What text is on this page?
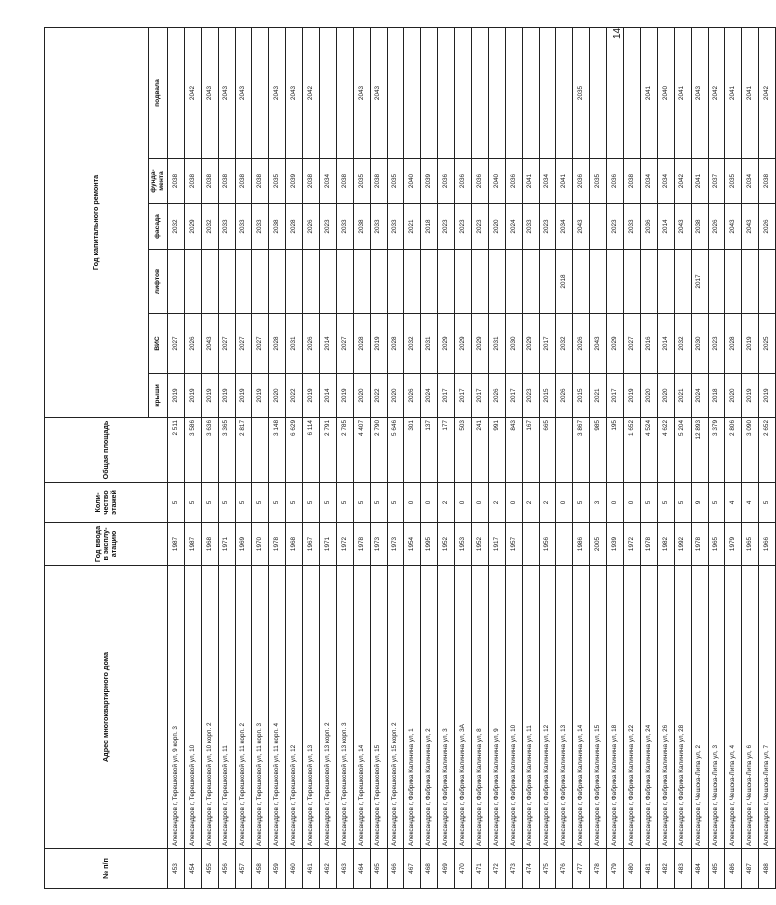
14
№ п/п	Адрес многоквартирного дома	Год ввода в эксплу-атацию	Коли-чество этажей	Общая площадь	Год капитального ремонта					
					крыши	ВИС	лифтов	фасада	фунда-мента	подвала
453	Александров г, Терешковой ул, 9 корп. 3	1987	5	2 511	2019	2027		2032	2038	
454	Александров г, Терешковой ул, 10	1987	5	3 586	2019	2026		2029	2038	2042
455	Александров г, Терешковой ул, 10 корп. 2	1968	5	3 636	2019	2043		2032	2038	2043
456	Александров г, Терешковой ул, 11	1971	5	3 365	2019	2027		2033	2038	2043
457	Александров г, Терешковой ул, 11 корп. 2	1969	5	2 817	2019	2027		2033	2038	2043
458	Александров г, Терешковой ул, 11 корп. 3	1970	5		2019	2027		2033	2038	
459	Александров г, Терешковой ул, 11 корп. 4	1978	5	3 148	2020	2028		2038	2035	2043
460	Александров г, Терешковой ул, 12	1968	5	6 629	2022	2031		2028	2039	2043
461	Александров г, Терешковой ул, 13	1967	5	6 114	2019	2026		2026	2038	2042
462	Александров г, Терешковой ул, 13 корп. 2	1971	5	2 791	2014	2014		2023	2034	
463	Александров г, Терешковой ул, 13 корп. 3	1972	5	2 785	2019	2027		2033	2038	
464	Александров г, Терешковой ул, 14	1978	5	4 407	2020	2028		2038	2035	2043
465	Александров г, Терешковой ул, 15	1973	5	2 790	2022	2019		2033	2038	2043
466	Александров г, Терешковой ул, 15 корп. 2	1973	5	5 646	2020	2028		2033	2035	
467	Александров г, Фабрика Калинина ул, 1	1954	0	301	2026	2032		2021	2040	
468	Александров г, Фабрика Калинина ул, 2	1995	0	137	2024	2031		2018	2039	
469	Александров г, Фабрика Калинина ул, 3	1952	2	177	2017	2029		2023	2036	
470	Александров г, Фабрика Калинина ул, 3А	1953	0	503	2017	2029		2023	2036	
471	Александров г, Фабрика Калинина ул, 8	1952	0	241	2017	2029		2023	2036	
472	Александров г, Фабрика Калинина ул, 9	1917	2	991	2026	2031		2020	2040	
473	Александров г, Фабрика Калинина ул, 10	1957	0	843	2017	2030		2024	2036	
474	Александров г, Фабрика Калинина ул, 11		2	167	2023	2029		2033	2041	
475	Александров г, Фабрика Калинина ул, 12	1956	2	665	2015	2017		2023	2034	
476	Александров г, Фабрика Калинина ул, 13		0		2026	2032	2018	2034	2041	
477	Александров г, Фабрика Калинина ул, 14	1986	5	3 867	2015	2026		2043	2036	2035
478	Александров г, Фабрика Калинина ул, 15	2005	3	985	2021	2043			2035	
479	Александров г, Фабрика Калинина ул, 18	1939	0	195	2017	2029		2023	2036	
480	Александров г, Фабрика Калинина ул, 22	1972	0	1 652	2019	2027		2033	2038	
481	Александров г, Фабрика Калинина ул, 24	1978	5	4 524	2020	2016		2036	2034	2041
482	Александров г, Фабрика Калинина ул, 26	1982	5	4 622	2020	2014		2014	2034	2040
483	Александров г, Фабрика Калинина ул, 28	1992	5	5 204	2021	2032		2043	2042	2041
484	Александров г, Чешска-Липа ул, 2	1978	9	12 893	2024	2030	2017	2038	2041	2043
485	Александров г, Чешска-Липа ул, 3	1965	5	3 379	2018	2023		2026	2037	2042
486	Александров г, Чешска-Липа ул, 4	1979	4	2 806	2020	2028		2043	2035	2041
487	Александров г, Чешска-Липа ул, 6	1965	4	3 090	2019	2019		2043	2034	2041
488	Александров г, Чешска-Липа ул, 7	1966	5	2 652	2019	2025		2026	2038	2042
